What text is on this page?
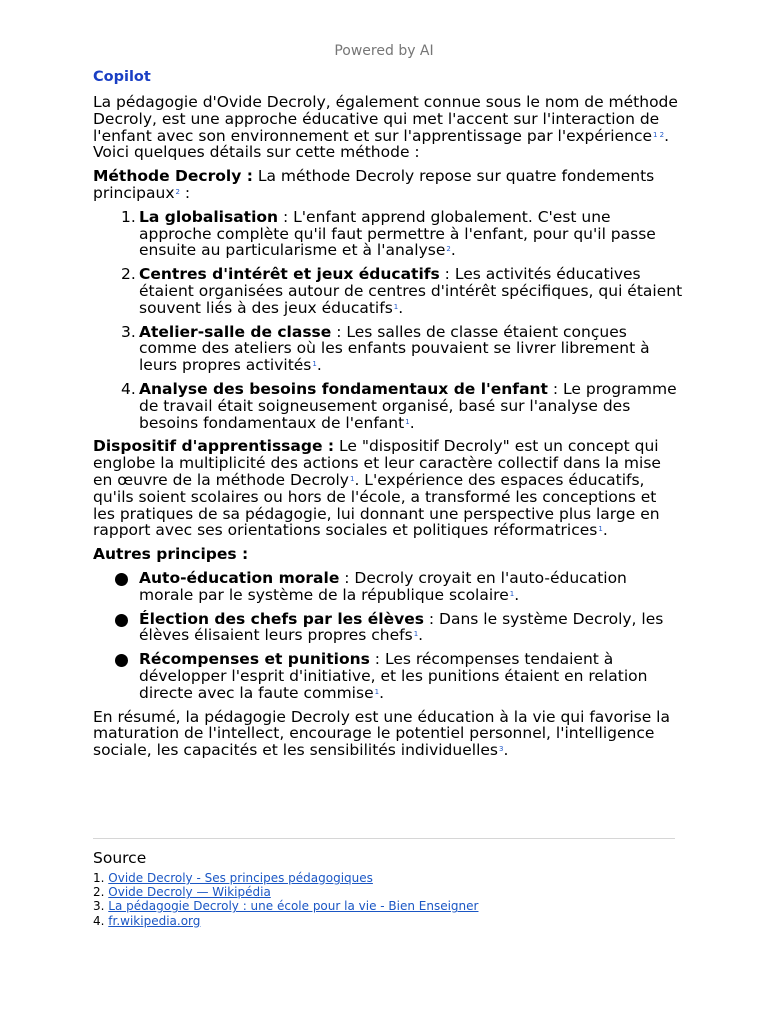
Powered by AI
Copilot

La pédagogie d'Ovide Decroly, également connue sous le nom de méthode Decroly, est une approche éducative qui met l'accent sur l'interaction de l'enfant avec son environnement et sur l'apprentissage par l'expérience$^{1 2}$. Voici quelques détails sur cette méthode :

Méthode Decroly : La méthode Decroly repose sur quatre fondements principaux$^2$ :

1. La globalisation : L'enfant apprend globalement. C'est une approche complète qu'il faut permettre à l'enfant, pour qu'il passe ensuite au particularisme et à l'analyse$^2$.
2. Centres d'intérêt et jeux éducatifs : Les activités éducatives étaient organisées autour de centres d'intérêt spécifiques, qui étaient souvent liés à des jeux éducatifs$^1$.
3. Atelier-salle de classe : Les salles de classe étaient conçues comme des ateliers où les enfants pouvaient se livrer librement à leurs propres activités$^1$.
4. Analyse des besoins fondamentaux de l'enfant : Le programme de travail était soigneusement organisé, basé sur l'analyse des besoins fondamentaux de l'enfant$^1$.

Dispositif d'apprentissage : Le "dispositif Decroly" est un concept qui englobe la multiplicité des actions et leur caractère collectif dans la mise en œuvre de la méthode Decroly$^1$. L'expérience des espaces éducatifs, qu'ils soient scolaires ou hors de l'école, a transformé les conceptions et les pratiques de sa pédagogie, lui donnant une perspective plus large en rapport avec ses orientations sociales et politiques réformatrices$^1$.

Autres principes :

Auto-éducation morale : Decroly croyait en l'auto-éducation morale par le système de la république scolaire$^1$.
Élection des chefs par les élèves : Dans le système Decroly, les élèves élisaient leurs propres chefs$^1$.
Récompenses et punitions : Les récompenses tendaient à développer l'esprit d'initiative, et les punitions étaient en relation directe avec la faute commise$^1$.

En résumé, la pédagogie Decroly est une éducation à la vie qui favorise la maturation de l'intellect, encourage le potentiel personnel, l'intelligence sociale, les capacités et les sensibilités individuelles$^3$.

Source
1. Ovide Decroly - Ses principes pédagogiques
2. Ovide Decroly — Wikipédia
3. La pédagogie Decroly : une école pour la vie - Bien Enseigner
4. fr.wikipedia.org
